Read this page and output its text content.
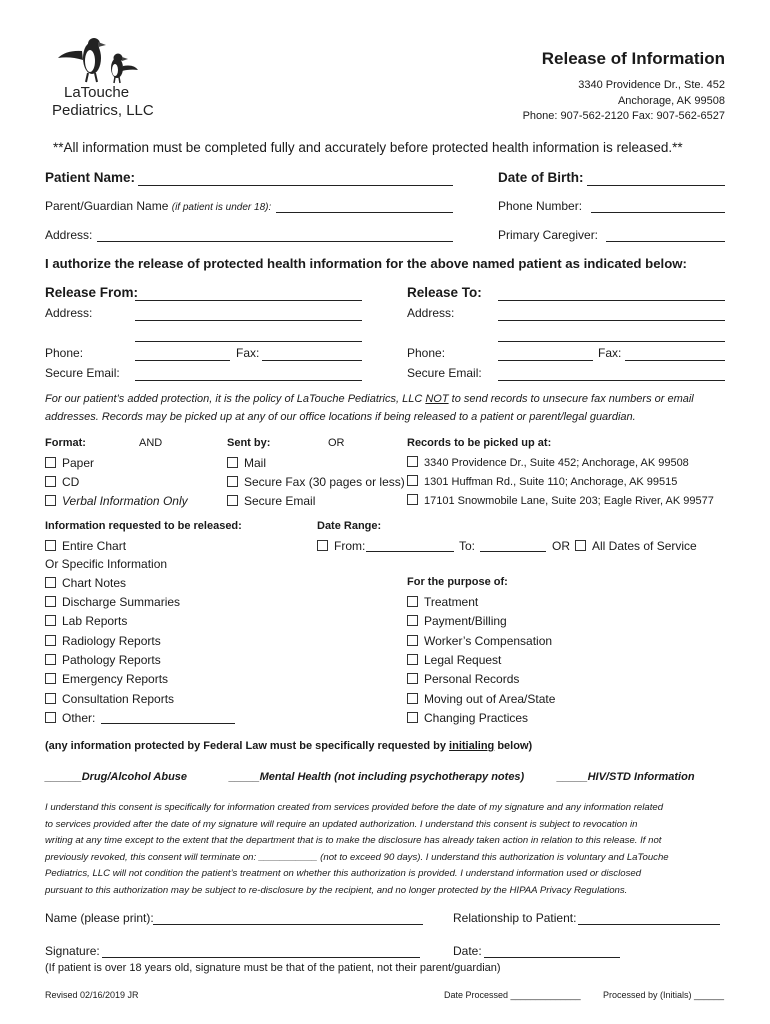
LaTouche
Pediatrics, LLC
Release of Information
3340 Providence Dr., Ste. 452
Anchorage, AK 99508
Phone: 907-562-2120 Fax: 907-562-6527
**All information must be completed fully and accurately before protected health information is released.**
Patient Name:	Date of Birth:
Parent/Guardian Name (if patient is under 18):	Phone Number:
Address:	Primary Caregiver:
I authorize the release of protected health information for the above named patient as indicated below:
Release From:
Address:
Phone:	Fax:
Secure Email:
Release To:
Address:
Phone:	Fax:
Secure Email:
For our patient’s added protection, it is the policy of LaTouche Pediatrics, LLC NOT to send records to unsecure fax numbers or email
addresses. Records may be picked up at any of our office locations if being released to a patient or parent/legal guardian.
Format:	AND
Paper
CD
Verbal Information Only
Sent by:	OR
Mail
Secure Fax (30 pages or less)
Secure Email
Records to be picked up at:
3340 Providence Dr., Suite 452; Anchorage, AK 99508
1301 Huffman Rd., Suite 110; Anchorage, AK 99515
17101 Snowmobile Lane, Suite 203; Eagle River, AK 99577
Information requested to be released:
Entire Chart
Or Specific Information
Chart Notes
Discharge Summaries
Lab Reports
Radiology Reports
Pathology Reports
Emergency Reports
Consultation Reports
Other:
Date Range:
From:	To:	OR	All Dates of Service
For the purpose of:
Treatment
Payment/Billing
Worker’s Compensation
Legal Request
Personal Records
Moving out of Area/State
Changing Practices
(any information protected by Federal Law must be specifically requested by initialing below)
______Drug/Alcohol Abuse	_____Mental Health (not including psychotherapy notes)	_____HIV/STD Information
I understand this consent is specifically for information created from services provided before the date of my signature and any information related
to services provided after the date of my signature will require an updated authorization. I understand this consent is subject to revocation in
writing at any time except to the extent that the department that is to make the disclosure has already taken action in relation to this release. If not
previously revoked, this consent will terminate on: ___________ (not to exceed 90 days). I understand this authorization is voluntary and LaTouche
Pediatrics, LLC will not condition the patient’s treatment on whether this authorization is provided. I understand information used or disclosed
pursuant to this authorization may be subject to re-disclosure by the recipient, and no longer protected by the HIPAA Privacy Regulations.
Name (please print):	Relationship to Patient:
Signature:	Date:
(If patient is over 18 years old, signature must be that of the patient, not their parent/guardian)
Revised 02/16/2019 JR	Date Processed ______________ Processed by (Initials) ______
